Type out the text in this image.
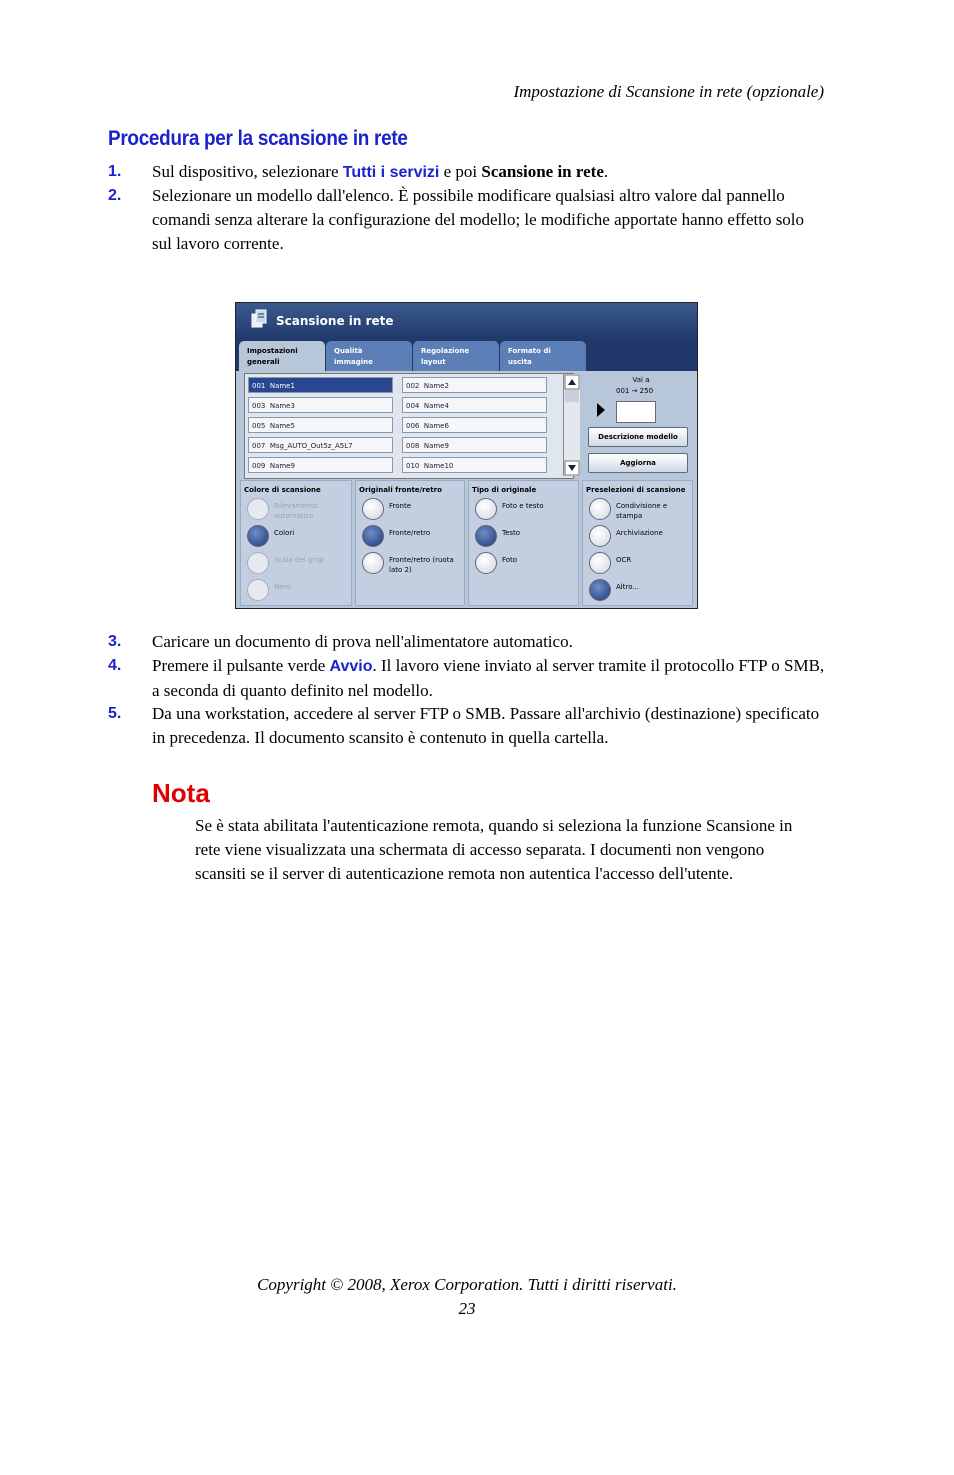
Impostazione di Scansione in rete (opzionale)
Procedura per la scansione in rete
1. Sul dispositivo, selezionare Tutti i servizi e poi Scansione in rete.
2. Selezionare un modello dall'elenco. È possibile modificare qualsiasi altro valore dal pannello comandi senza alterare la configurazione del modello; le modifiche apportate hanno effetto solo sul lavoro corrente.
Scansione in rete
Impostazioni
generali
Qualità
immagine
Regolazione
layout
Formato di
uscita
001 Name1	002 Name2
003 Name3	004 Name4
005 Name5	006 Name6
007 Msg_AUTO_Out5z_A5L7	008 Name9
009 Name9	010 Name10
Vai a
001 → 250
Descrizione modello
Aggiorna
Colore di scansione
Rilevamento automatico
Colori
Scala dei grigi
Nero
Originali fronte/retro
Fronte
Fronte/retro
Fronte/retro (ruota lato 2)
Tipo di originale
Foto e testo
Testo
Foto
Preselezioni di scansione
Condivisione e stampa
Archiviazione
OCR
Altro...
3. Caricare un documento di prova nell'alimentatore automatico.
4. Premere il pulsante verde Avvio. Il lavoro viene inviato al server tramite il protocollo FTP o SMB, a seconda di quanto definito nel modello.
5. Da una workstation, accedere al server FTP o SMB. Passare all'archivio (destinazione) specificato in precedenza. Il documento scansito è contenuto in quella cartella.
Nota
Se è stata abilitata l'autenticazione remota, quando si seleziona la funzione Scansione in rete viene visualizzata una schermata di accesso separata. I documenti non vengono scansiti se il server di autenticazione remota non autentica l'accesso dell'utente.
Copyright © 2008, Xerox Corporation. Tutti i diritti riservati.
23
